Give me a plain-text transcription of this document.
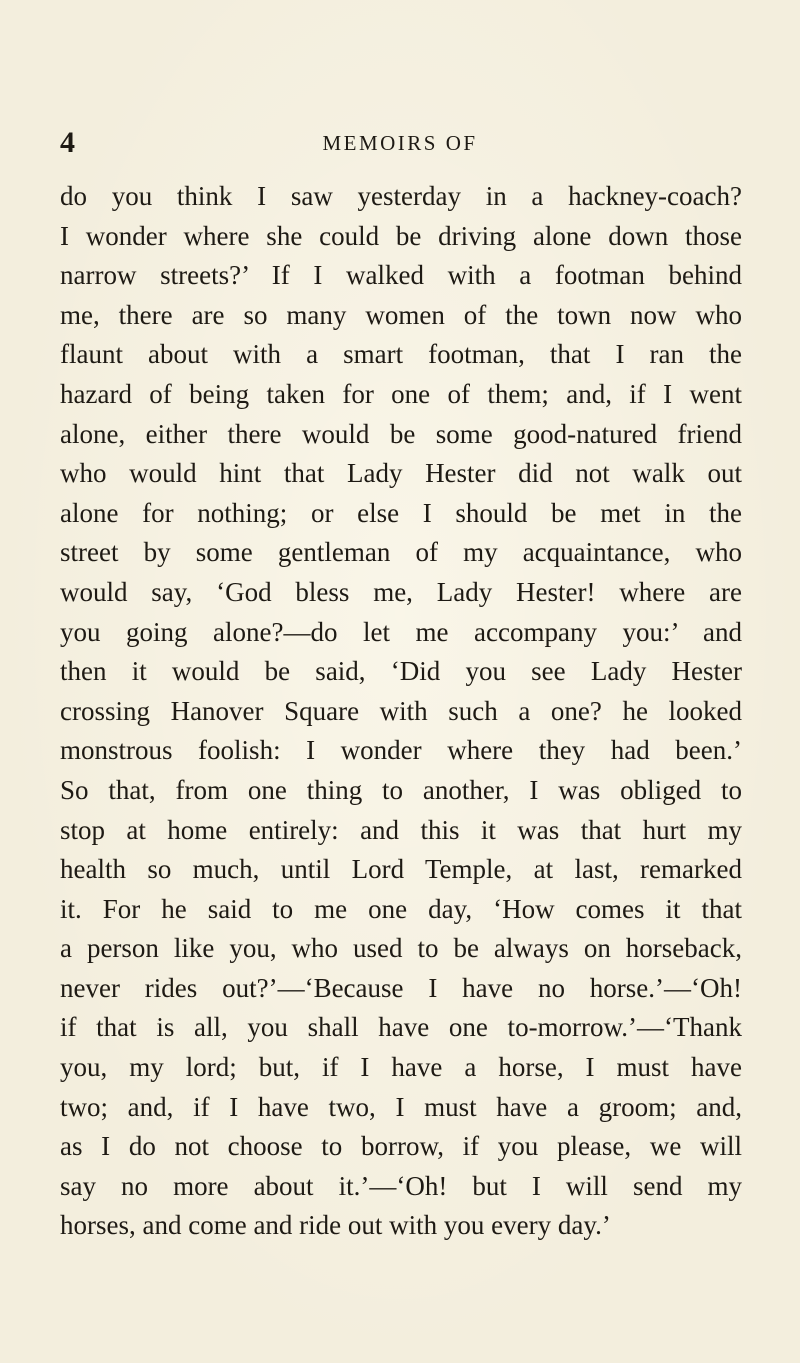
4	MEMOIRS OF
do you think I saw yesterday in a hackney-coach?
I wonder where she could be driving alone down those
narrow streets?’ If I walked with a footman behind
me, there are so many women of the town now who
flaunt about with a smart footman, that I ran the
hazard of being taken for one of them; and, if I went
alone, either there would be some good-natured friend
who would hint that Lady Hester did not walk out
alone for nothing; or else I should be met in the
street by some gentleman of my acquaintance, who
would say, ‘God bless me, Lady Hester! where are
you going alone?—do let me accompany you:’ and
then it would be said, ‘Did you see Lady Hester
crossing Hanover Square with such a one? he looked
monstrous foolish: I wonder where they had been.’
So that, from one thing to another, I was obliged to
stop at home entirely: and this it was that hurt my
health so much, until Lord Temple, at last, remarked
it. For he said to me one day, ‘How comes it that
a person like you, who used to be always on horseback,
never rides out?’—‘Because I have no horse.’—‘Oh!
if that is all, you shall have one to-morrow.’—‘Thank
you, my lord; but, if I have a horse, I must have
two; and, if I have two, I must have a groom; and,
as I do not choose to borrow, if you please, we will
say no more about it.’—‘Oh! but I will send my
horses, and come and ride out with you every day.’
